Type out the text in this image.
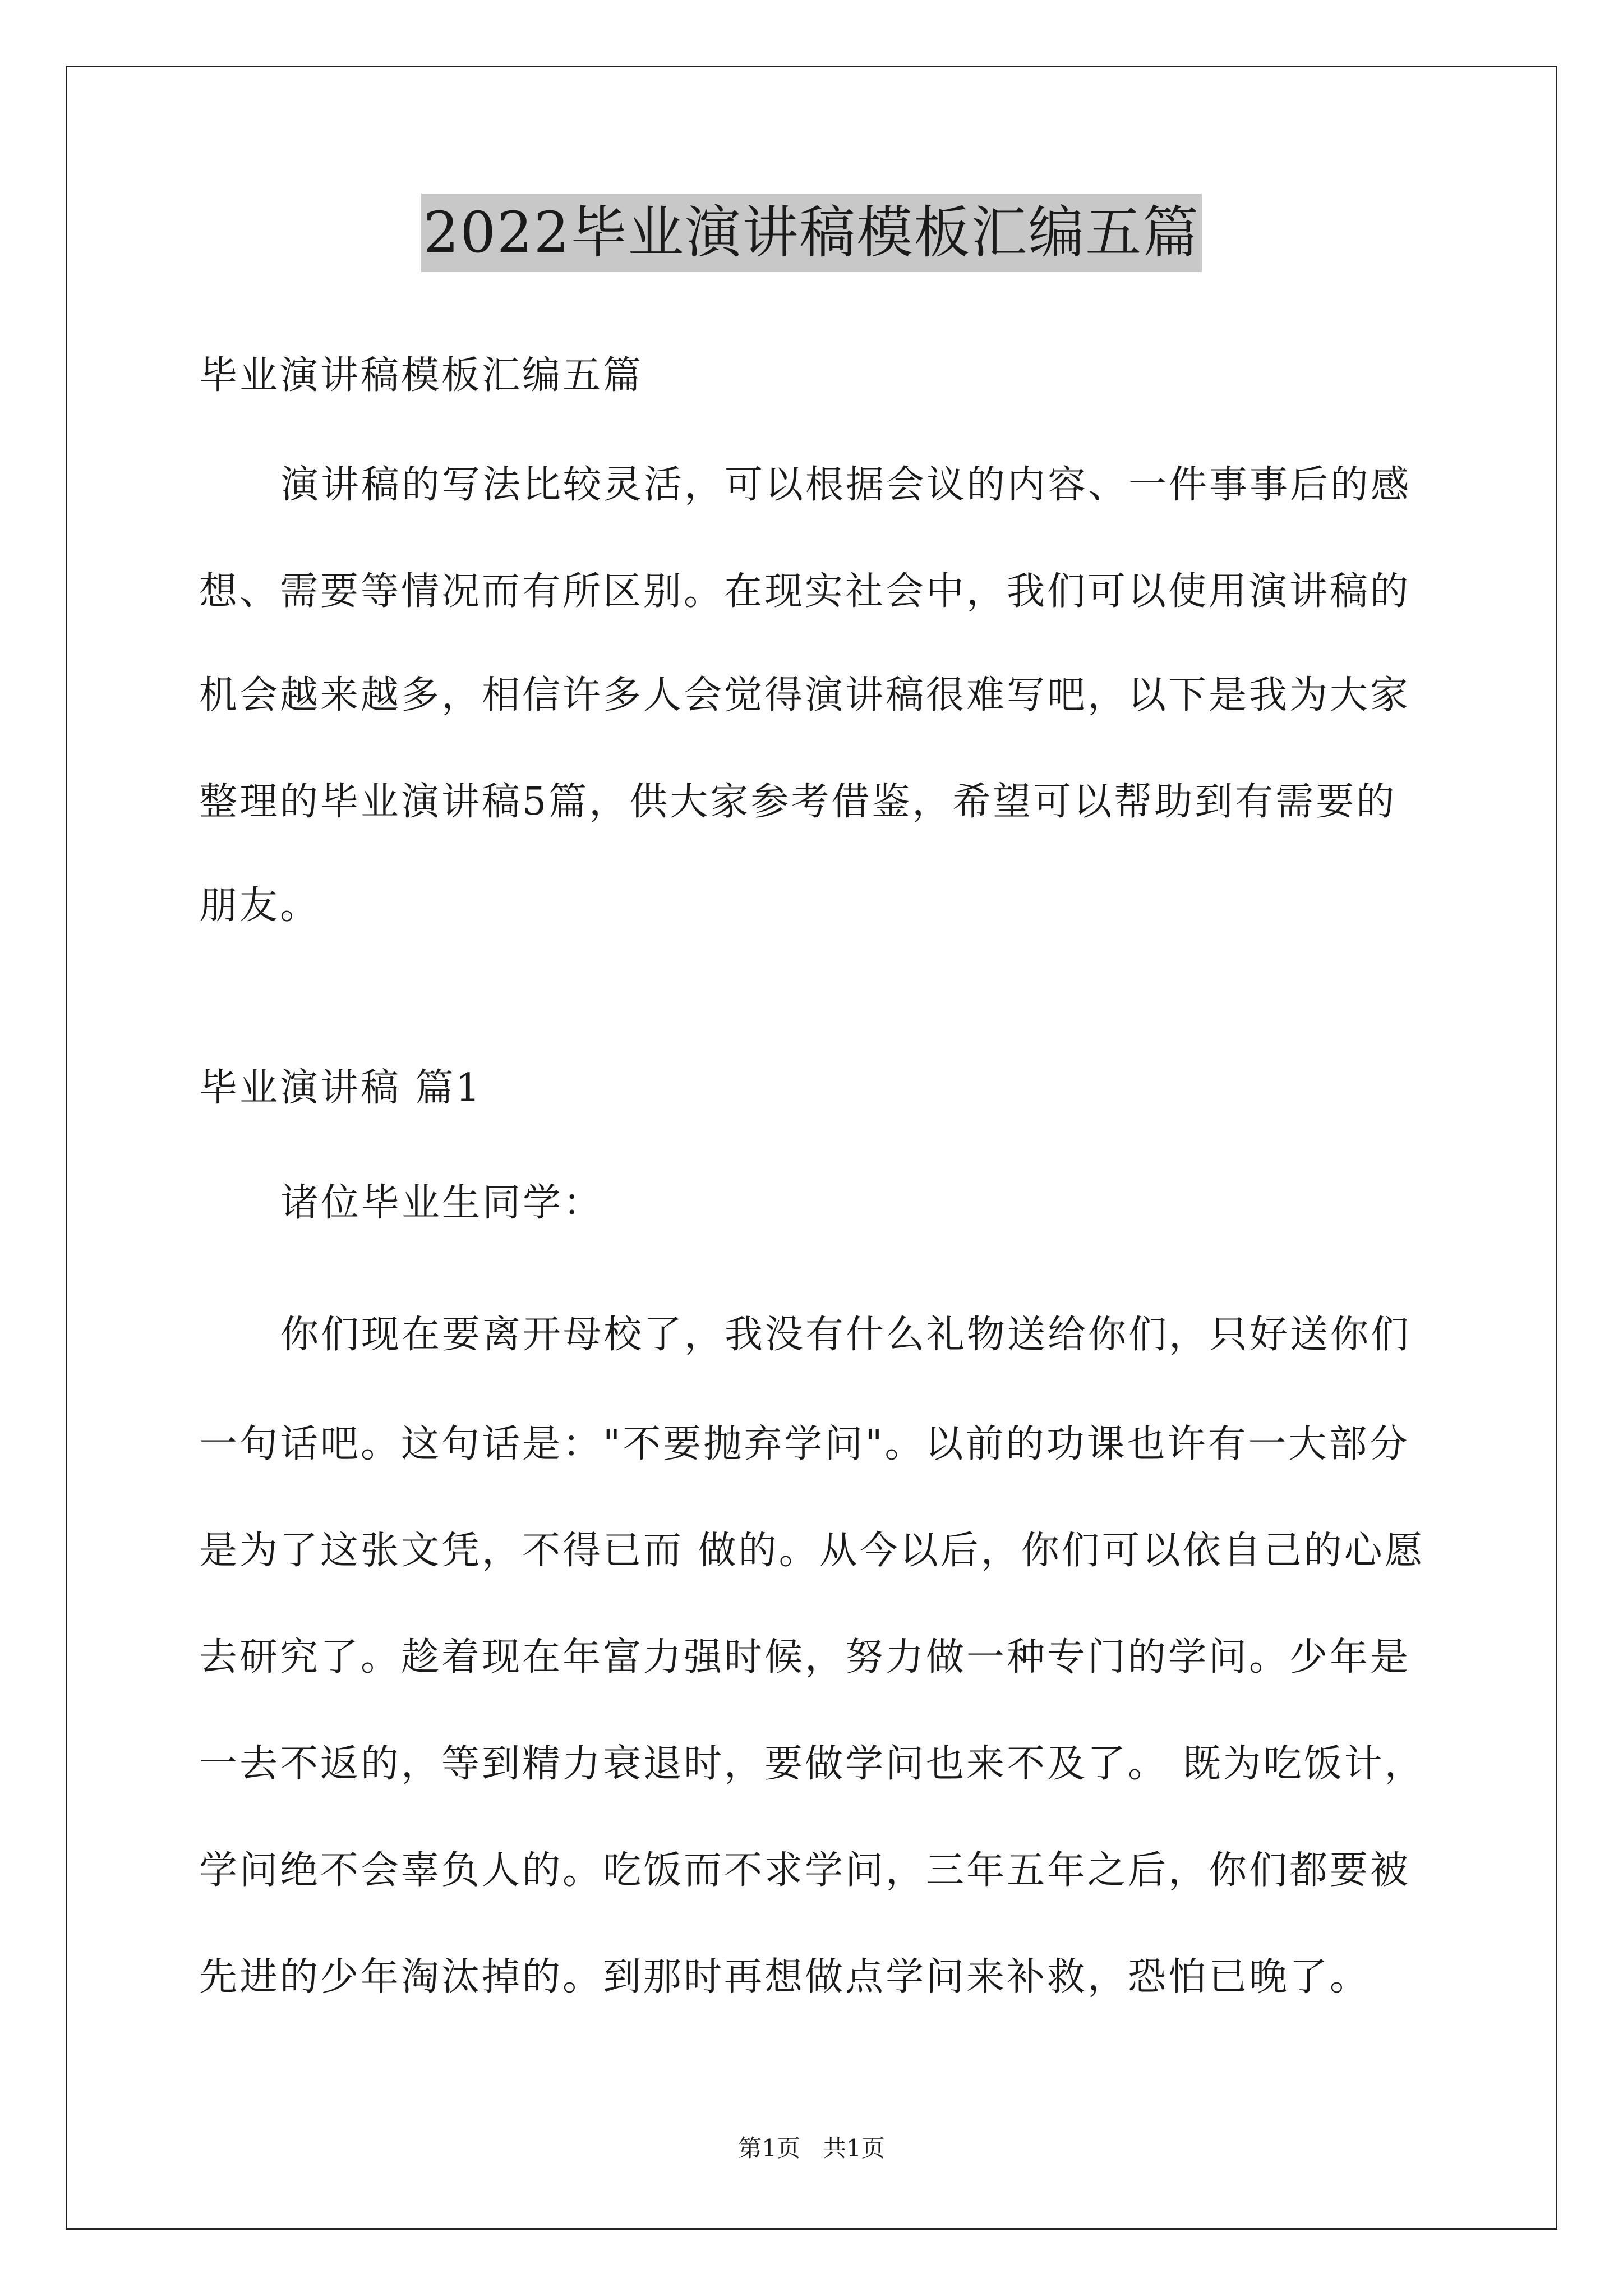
2022毕业演讲稿模板汇编五篇
毕业演讲稿模板汇编五篇
演讲稿的写法比较灵活，可以根据会议的内容、一件事事后的感
想、需要等情况而有所区别。在现实社会中，我们可以使用演讲稿的
机会越来越多，相信许多人会觉得演讲稿很难写吧，以下是我为大家
整理的毕业演讲稿5篇，供大家参考借鉴，希望可以帮助到有需要的
朋友。
毕业演讲稿 篇1
诸位毕业生同学：
你们现在要离开母校了，我没有什么礼物送给你们，只好送你们
一句话吧。这句话是："不要抛弃学问"。以前的功课也许有一大部分
是为了这张文凭，不得已而 做的。从今以后，你们可以依自己的心愿
去研究了。趁着现在年富力强时候，努力做一种专门的学问。少年是
一去不返的，等到精力衰退时，要做学问也来不及了。 既为吃饭计，
学问绝不会辜负人的。吃饭而不求学问，三年五年之后，你们都要被
先进的少年淘汰掉的。到那时再想做点学问来补救，恐怕已晚了。
第1页   共1页
